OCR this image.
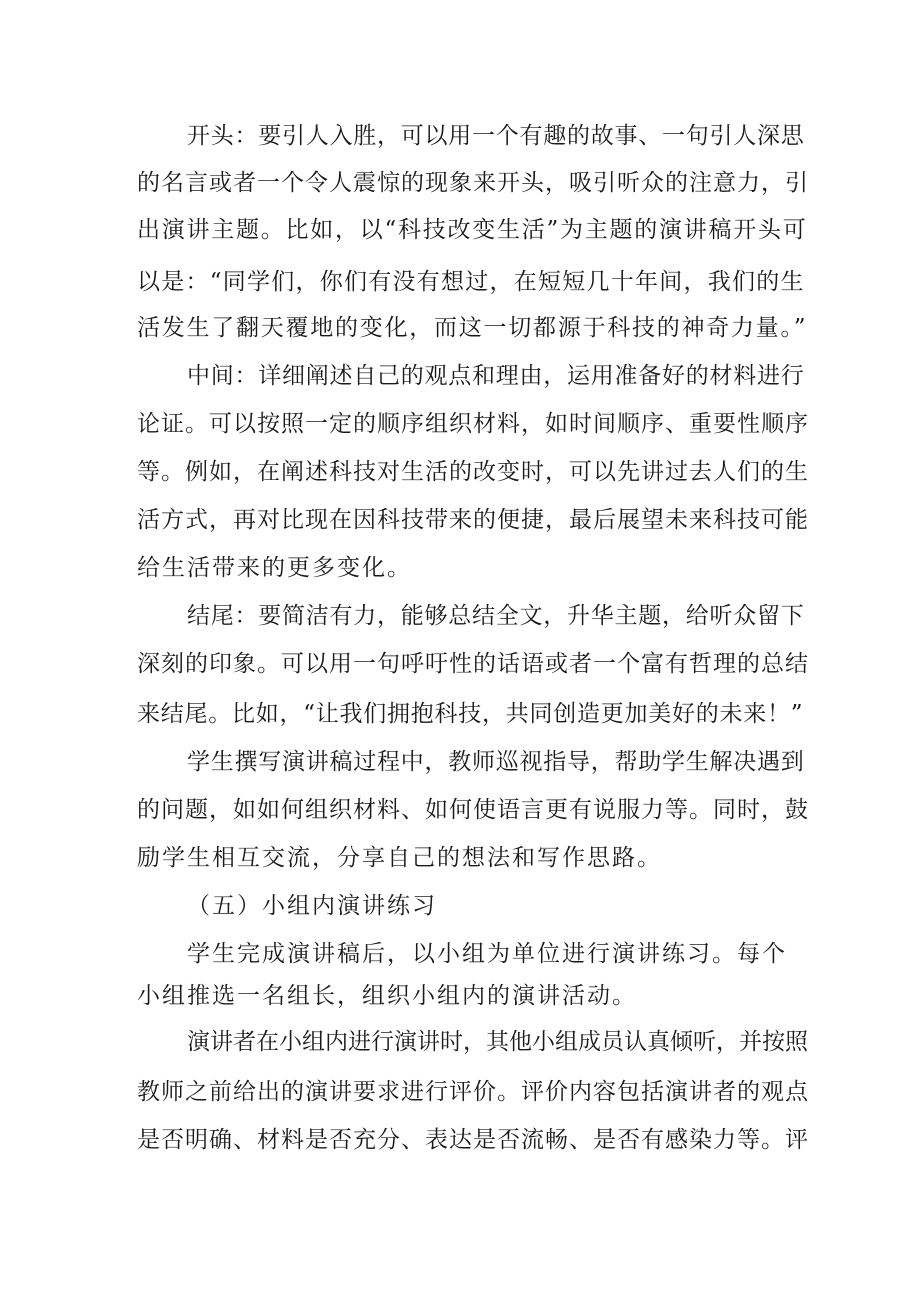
开头：要引人入胜，可以用一个有趣的故事、一句引人深思
的名言或者一个令人震惊的现象来开头，吸引听众的注意力，引
出演讲主题。比如，以“科技改变生活”为主题的演讲稿开头可
以是：“同学们，你们有没有想过，在短短几十年间，我们的生
活发生了翻天覆地的变化，而这一切都源于科技的神奇力量。”
中间：详细阐述自己的观点和理由，运用准备好的材料进行
论证。可以按照一定的顺序组织材料，如时间顺序、重要性顺序
等。例如，在阐述科技对生活的改变时，可以先讲过去人们的生
活方式，再对比现在因科技带来的便捷，最后展望未来科技可能
给生活带来的更多变化。
结尾：要简洁有力，能够总结全文，升华主题，给听众留下
深刻的印象。可以用一句呼吁性的话语或者一个富有哲理的总结
来结尾。比如，“让我们拥抱科技，共同创造更加美好的未来！”
学生撰写演讲稿过程中，教师巡视指导，帮助学生解决遇到
的问题，如如何组织材料、如何使语言更有说服力等。同时，鼓
励学生相互交流，分享自己的想法和写作思路。
（五）小组内演讲练习
学生完成演讲稿后，以小组为单位进行演讲练习。每个
小组推选一名组长，组织小组内的演讲活动。
演讲者在小组内进行演讲时，其他小组成员认真倾听，并按照
教师之前给出的演讲要求进行评价。评价内容包括演讲者的观点
是否明确、材料是否充分、表达是否流畅、是否有感染力等。评
